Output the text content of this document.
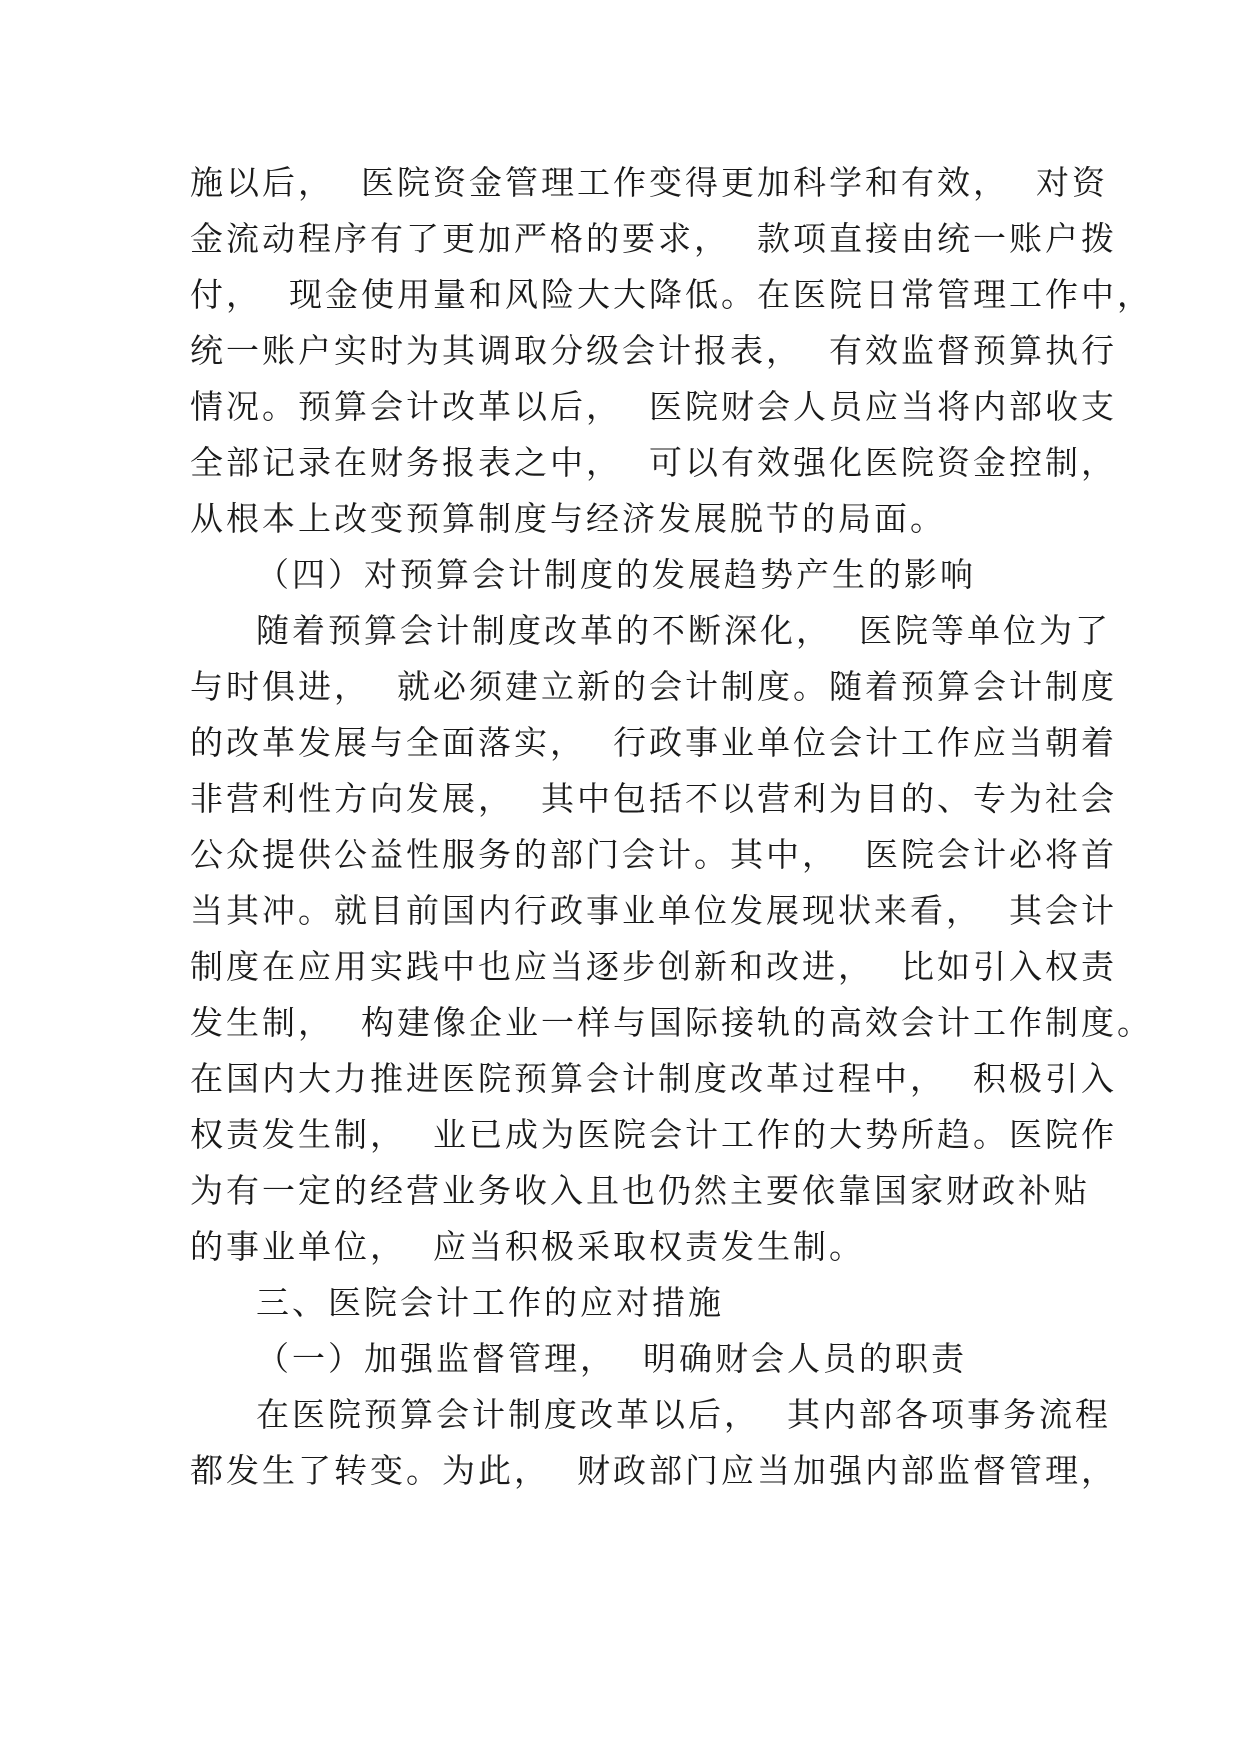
施以后，  医院资金管理工作变得更加科学和有效，  对资
金流动程序有了更加严格的要求，  款项直接由统一账户拨
付，  现金使用量和风险大大降低。在医院日常管理工作中，
统一账户实时为其调取分级会计报表，  有效监督预算执行
情况。预算会计改革以后，  医院财会人员应当将内部收支
全部记录在财务报表之中，  可以有效强化医院资金控制，
从根本上改变预算制度与经济发展脱节的局面。
（四）对预算会计制度的发展趋势产生的影响
随着预算会计制度改革的不断深化，  医院等单位为了
与时俱进，  就必须建立新的会计制度。随着预算会计制度
的改革发展与全面落实，  行政事业单位会计工作应当朝着
非营利性方向发展，  其中包括不以营利为目的、专为社会
公众提供公益性服务的部门会计。其中，  医院会计必将首
当其冲。就目前国内行政事业单位发展现状来看，  其会计
制度在应用实践中也应当逐步创新和改进，  比如引入权责
发生制，  构建像企业一样与国际接轨的高效会计工作制度。
在国内大力推进医院预算会计制度改革过程中，  积极引入
权责发生制，  业已成为医院会计工作的大势所趋。医院作
为有一定的经营业务收入且也仍然主要依靠国家财政补贴
的事业单位，  应当积极采取权责发生制。
三、医院会计工作的应对措施
（一）加强监督管理，  明确财会人员的职责
在医院预算会计制度改革以后，  其内部各项事务流程
都发生了转变。为此，  财政部门应当加强内部监督管理，
